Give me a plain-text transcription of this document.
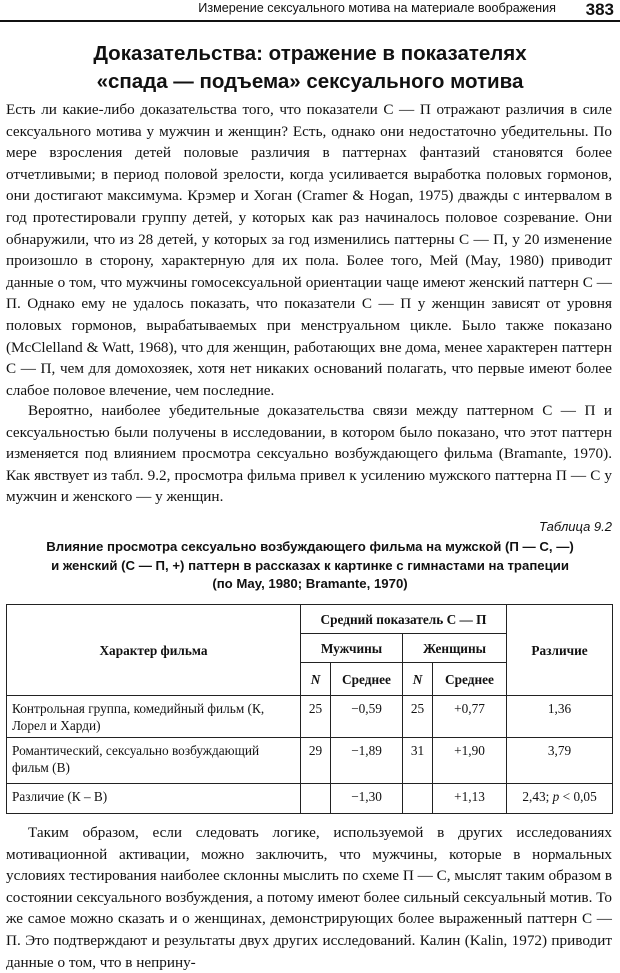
Измерение сексуального мотива на материале воображения 383
Доказательства: отражение в показателях
«спада — подъема» сексуального мотива
Есть ли какие-либо доказательства того, что показатели С — П отражают различия в силе сексуального мотива у мужчин и женщин? Есть, однако они недостаточно убедительны. По мере взросления детей половые различия в паттернах фантазий становятся более отчетливыми; в период половой зрелости, когда усиливается выработка половых гормонов, они достигают максимума. Крэмер и Хоган (Cramer & Hogan, 1975) дважды с интервалом в год протестировали группу детей, у которых как раз начиналось половое созревание. Они обнаружили, что из 28 детей, у которых за год изменились паттерны С — П, у 20 изменение произошло в сторону, характерную для их пола. Более того, Мей (May, 1980) приводит данные о том, что мужчины гомосексуальной ориентации чаще имеют женский паттерн С — П. Однако ему не удалось показать, что показатели С — П у женщин зависят от уровня половых гормонов, вырабатываемых при менструальном цикле. Было также показано (McClelland & Watt, 1968), что для женщин, работающих вне дома, менее характерен паттерн С — П, чем для домохозяек, хотя нет никаких оснований полагать, что первые имеют более слабое половое влечение, чем последние.
Вероятно, наиболее убедительные доказательства связи между паттерном С — П и сексуальностью были получены в исследовании, в котором было показано, что этот паттерн изменяется под влиянием просмотра сексуально возбуждающего фильма (Bramante, 1970). Как явствует из табл. 9.2, просмотра фильма привел к усилению мужского паттерна П — С у мужчин и женского — у женщин.
Таблица 9.2
Влияние просмотра сексуально возбуждающего фильма на мужской (П — С, —)
и женский (С — П, +) паттерн в рассказах к картинке с гимнастами на трапеции
(по May, 1980; Bramante, 1970)
Характер фильма	Средний показатель С — П				Различие
	Мужчины		Женщины		
	N	Среднее	N	Среднее	
Контрольная группа, комедийный фильм (К, Лорел и Харди)	25	−0,59	25	+0,77	1,36
Романтический, сексуально возбуждающий фильм (В)	29	−1,89	31	+1,90	3,79
Различие (К – В)		−1,30		+1,13	2,43; p < 0,05
Таким образом, если следовать логике, используемой в других исследованиях мотивационной активации, можно заключить, что мужчины, которые в нормальных условиях тестирования наиболее склонны мыслить по схеме П — С, мыслят таким образом в состоянии сексуального возбуждения, а потому имеют более сильный сексуальный мотив. То же самое можно сказать и о женщинах, демонстрирующих более выраженный паттерн С — П. Это подтверждают и результаты двух других исследований. Калин (Kalin, 1972) приводит данные о том, что в неприну-
